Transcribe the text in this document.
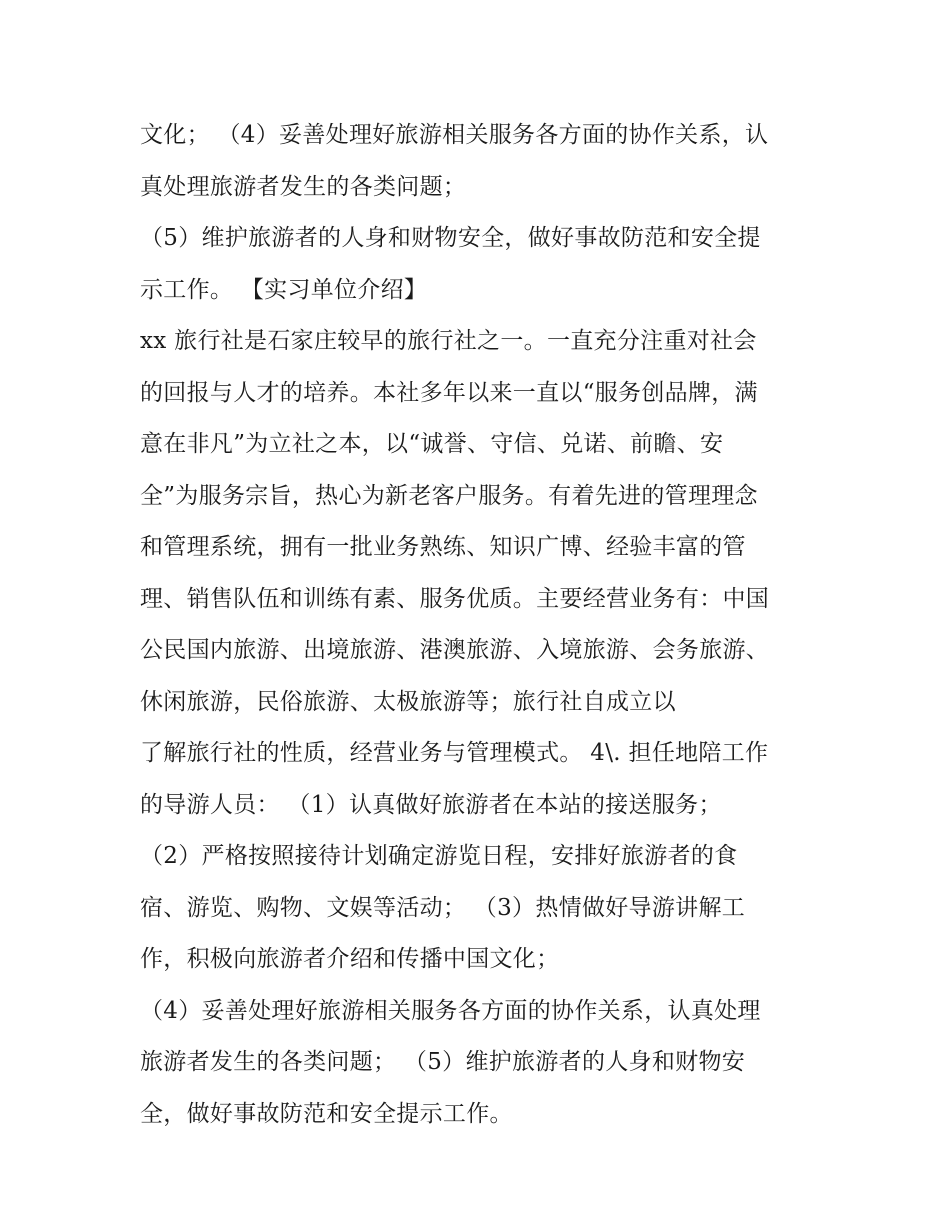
文化； （4）妥善处理好旅游相关服务各方面的协作关系，认
真处理旅游者发生的各类问题；
（5）维护旅游者的人身和财物安全，做好事故防范和安全提
示工作。 【实习单位介绍】
xx 旅行社是石家庄较早的旅行社之一。一直充分注重对社会
的回报与人才的培养。本社多年以来一直以“服务创品牌，满
意在非凡”为立社之本，以“诚誉、守信、兑诺、前瞻、安
全”为服务宗旨，热心为新老客户服务。有着先进的管理理念
和管理系统，拥有一批业务熟练、知识广博、经验丰富的管
理、销售队伍和训练有素、服务优质。主要经营业务有：中国
公民国内旅游、出境旅游、港澳旅游、入境旅游、会务旅游、
休闲旅游，民俗旅游、太极旅游等；旅行社自成立以
了解旅行社的性质，经营业务与管理模式。 4\. 担任地陪工作
的导游人员： （1）认真做好旅游者在本站的接送服务；
（2）严格按照接待计划确定游览日程，安排好旅游者的食
宿、游览、购物、文娱等活动； （3）热情做好导游讲解工
作，积极向旅游者介绍和传播中国文化；
（4）妥善处理好旅游相关服务各方面的协作关系，认真处理
旅游者发生的各类问题； （5）维护旅游者的人身和财物安
全，做好事故防范和安全提示工作。
